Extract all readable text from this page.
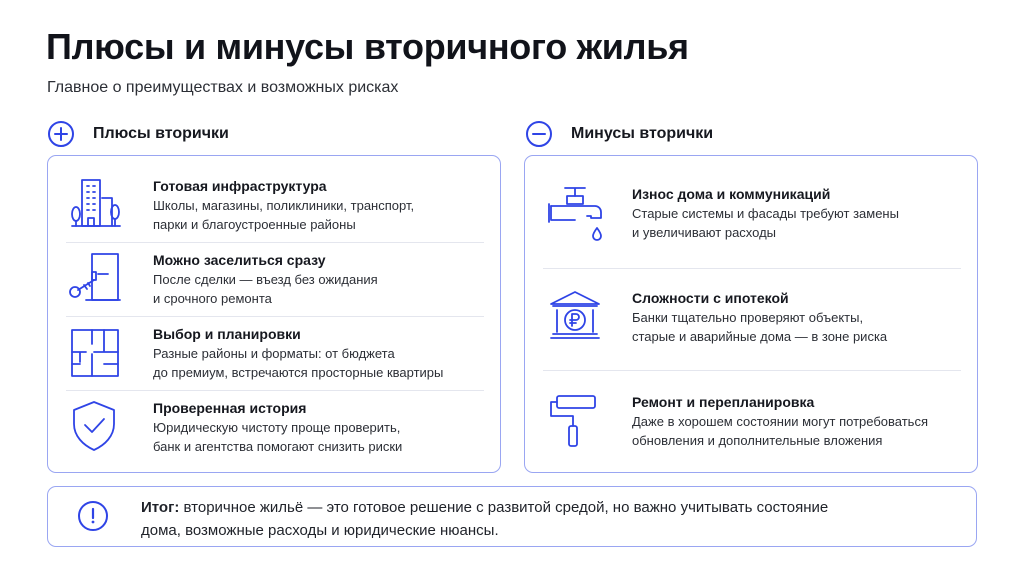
Плюсы и минусы вторичного жилья
Главное о преимуществах и возможных рисках
Плюсы вторички	Минусы вторички
Готовая инфраструктура
Школы, магазины, поликлиники, транспорт,
парки и благоустроенные районы
Можно заселиться сразу
После сделки — въезд без ожидания
и срочного ремонта
Выбор и планировки
Разные районы и форматы: от бюджета
до премиум, встречаются просторные квартиры
Проверенная история
Юридическую чистоту проще проверить,
банк и агентства помогают снизить риски
Износ дома и коммуникаций
Старые системы и фасады требуют замены
и увеличивают расходы
Сложности с ипотекой
Банки тщательно проверяют объекты,
старые и аварийные дома — в зоне риска
Ремонт и перепланировка
Даже в хорошем состоянии могут потребоваться
обновления и дополнительные вложения
Итог: вторичное жильё — это готовое решение с развитой средой, но важно учитывать состояние
дома, возможные расходы и юридические нюансы.
